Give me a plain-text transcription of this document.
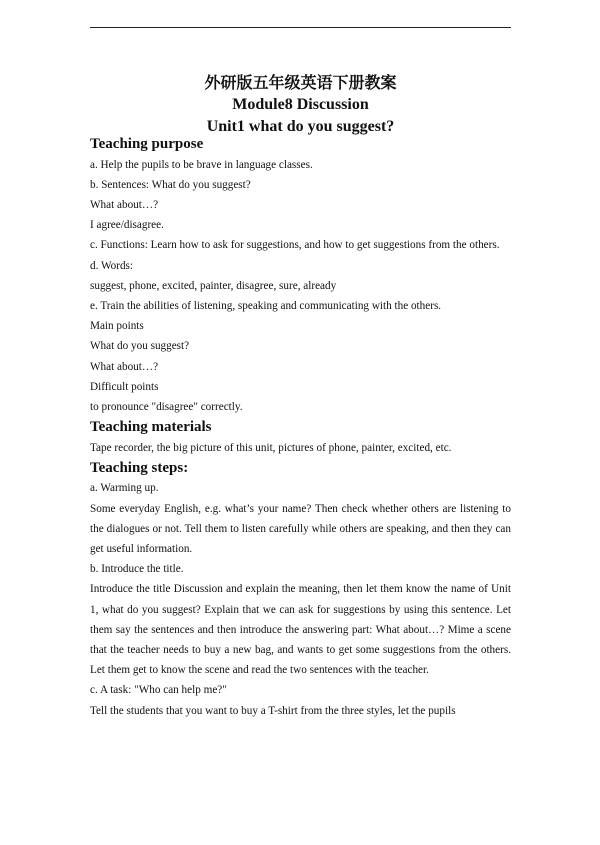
外研版五年级英语下册教案
Module8 Discussion
Unit1 what do you suggest?
Teaching purpose

a. Help the pupils to be brave in language classes.

b. Sentences: What do you suggest?

What about…?

I agree/disagree.

c. Functions: Learn how to ask for suggestions, and how to get suggestions from the others.

d. Words:

suggest, phone, excited, painter, disagree, sure, already

e. Train the abilities of listening, speaking and communicating with the others.

Main points

What do you suggest?

What about…?

Difficult points

to pronounce "disagree" correctly.

Teaching materials

Tape recorder, the big picture of this unit, pictures of phone, painter, excited, etc.

Teaching steps:

a. Warming up.

Some everyday English, e.g. what’s your name? Then check whether others are listening to the dialogues or not. Tell them to listen carefully while others are speaking, and then they can get useful information.

b. Introduce the title.

Introduce the title Discussion and explain the meaning, then let them know the name of Unit 1, what do you suggest? Explain that we can ask for suggestions by using this sentence. Let them say the sentences and then introduce the answering part: What about…? Mime a scene that the teacher needs to buy a new bag, and wants to get some suggestions from the others. Let them get to know the scene and read the two sentences with the teacher.

c. A task: "Who can help me?"

Tell the students that you want to buy a T-shirt from the three styles, let the pupils
